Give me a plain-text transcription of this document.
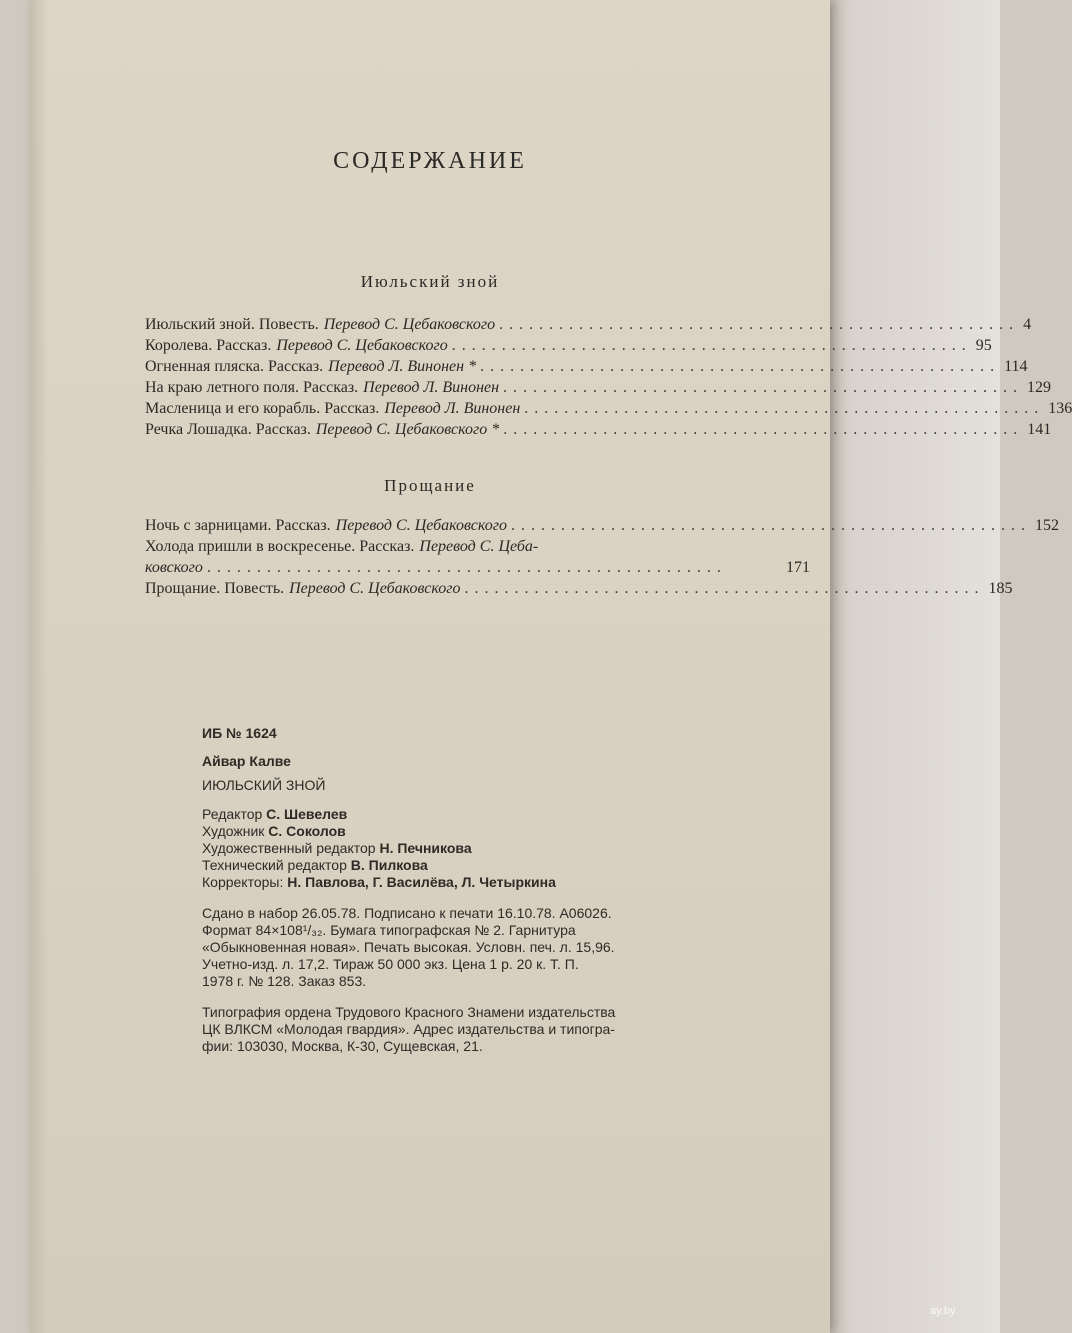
СОДЕРЖАНИЕ
Июльский зной
Июльский зной. Повесть. Перевод С. Цебаковского .................................................... 4
Королева. Рассказ. Перевод С. Цебаковского .................................................... 95
Огненная пляска. Рассказ. Перевод Л. Винонен * .................................................... 114
На краю летного поля. Рассказ. Перевод Л. Винонен .................................................... 129
Масленица и его корабль. Рассказ. Перевод Л. Винонен .................................................... 136
Речка Лошадка. Рассказ. Перевод С. Цебаковского * .................................................... 141
Прощание
Ночь с зарницами. Рассказ. Перевод С. Цебаковского .................................................... 152
Холода пришли в воскресенье. Рассказ. Перевод С. Цеба-
ковского ....................................................	171
Прощание. Повесть. Перевод С. Цебаковского .................................................... 185
ИБ № 1624
Айвар Калве
ИЮЛЬСКИЙ ЗНОЙ
Редактор С. Шевелев
Художник С. Соколов
Художественный редактор Н. Печникова
Технический редактор В. Пилкова
Корректоры: Н. Павлова, Г. Василёва, Л. Четыркина
Сдано в набор 26.05.78. Подписано к печати 16.10.78. А06026.
Формат 84×108¹/₃₂. Бумага типографская № 2. Гарнитура
«Обыкновенная новая». Печать высокая. Условн. печ. л. 15,96.
Учетно-изд. л. 17,2. Тираж 50 000 экз. Цена 1 р. 20 к. Т. П.
1978 г. № 128. Заказ 853.
Типография ордена Трудового Красного Знамени издательства
ЦК ВЛКСМ «Молодая гвардия». Адрес издательства и типогра-
фии: 103030, Москва, К-30, Сущевская, 21.
ay.by
